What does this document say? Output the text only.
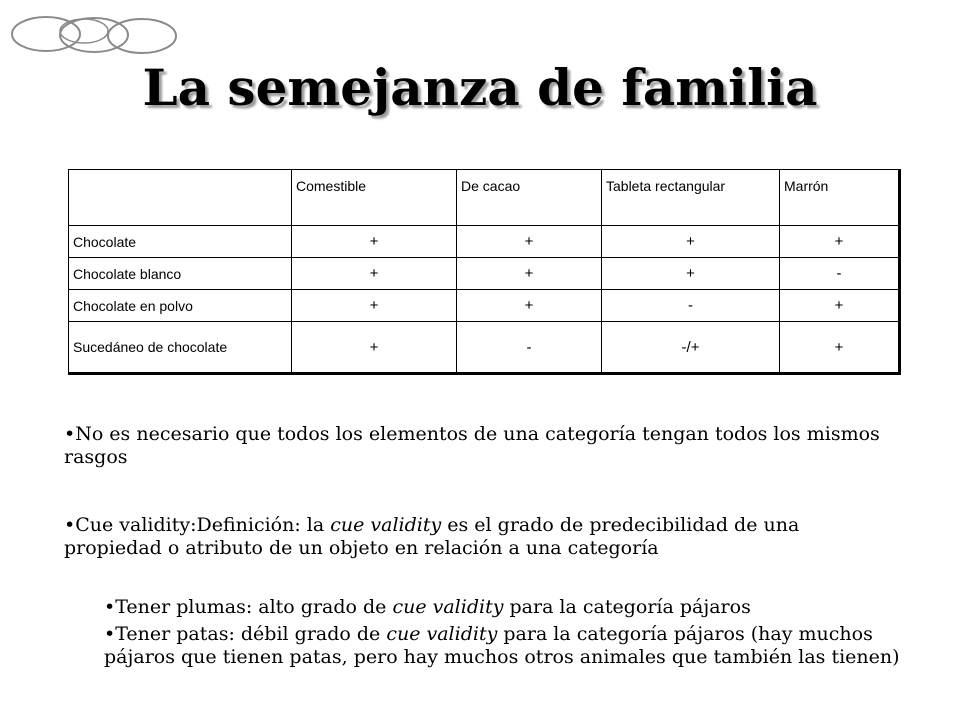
La semejanza de familia
	Comestible	De cacao	Tableta rectangular	Marrón
Chocolate	+	+	+	+
Chocolate blanco	+	+	+	-
Chocolate en polvo	+	+	-	+
Sucedáneo de chocolate	+	-	-/+	+
•No es necesario que todos los elementos de una categoría tengan todos los mismos rasgos
•Cue validity:Definición: la cue validity es el grado de predecibilidad de una propiedad o atributo de un objeto en relación a una categoría
•Tener plumas: alto grado de cue validity para la categoría pájaros
•Tener patas: débil grado de cue validity para la categoría pájaros (hay muchos pájaros que tienen patas, pero hay muchos otros animales que también las tienen)
